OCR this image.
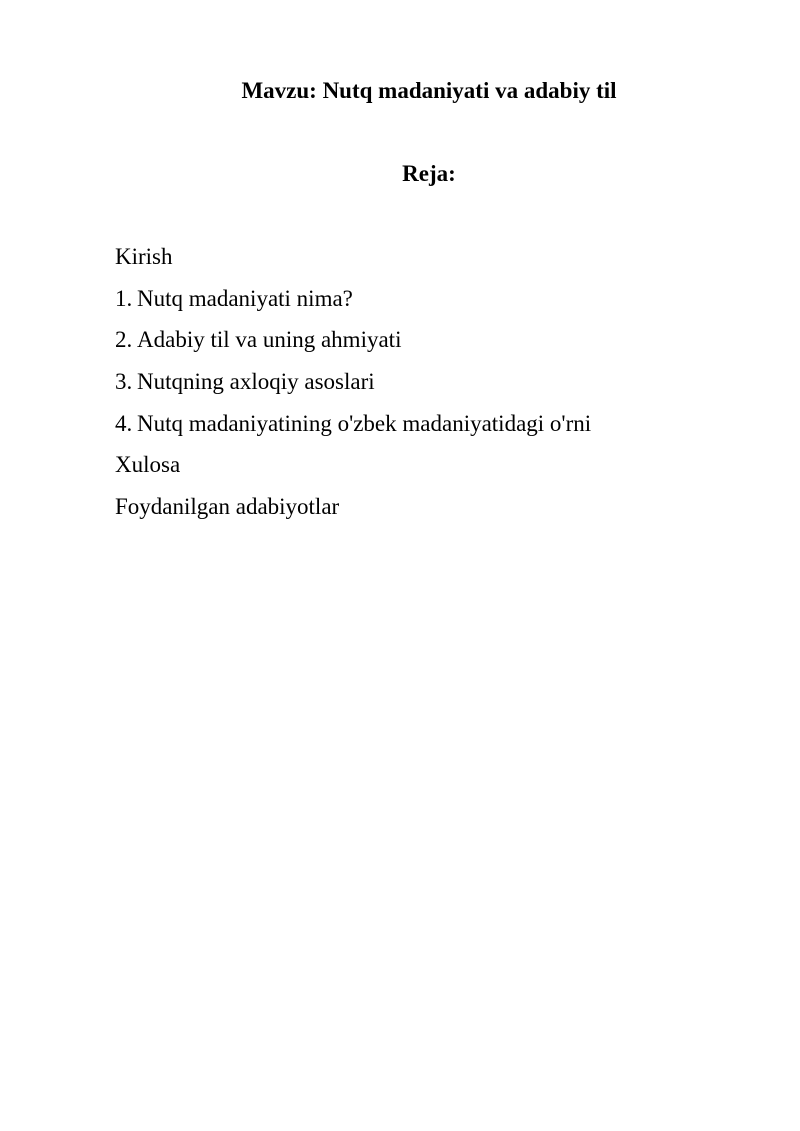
Mavzu: Nutq madaniyati va adabiy til
Reja:
Kirish
1. Nutq madaniyati nima?
2. Adabiy til va uning ahmiyati
3. Nutqning axloqiy asoslari
4. Nutq madaniyatining o'zbek madaniyatidagi o'rni
Xulosa
Foydanilgan adabiyotlar
